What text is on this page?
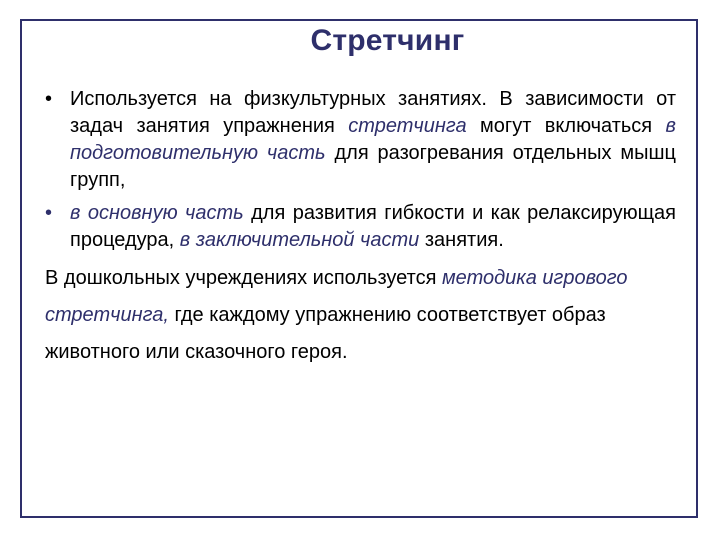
Стретчинг
• Используется на физкультурных занятиях. В зависимости от задач занятия упражнения стретчинга могут включаться в подготовительную часть для разогревания отдельных мышц групп,
• в основную часть для развития гибкости и как релаксирующая процедура, в заключительной части занятия.

В дошкольных учреждениях используется методика игрового стретчинга, где каждому упражнению соответствует образ животного или сказочного героя.
